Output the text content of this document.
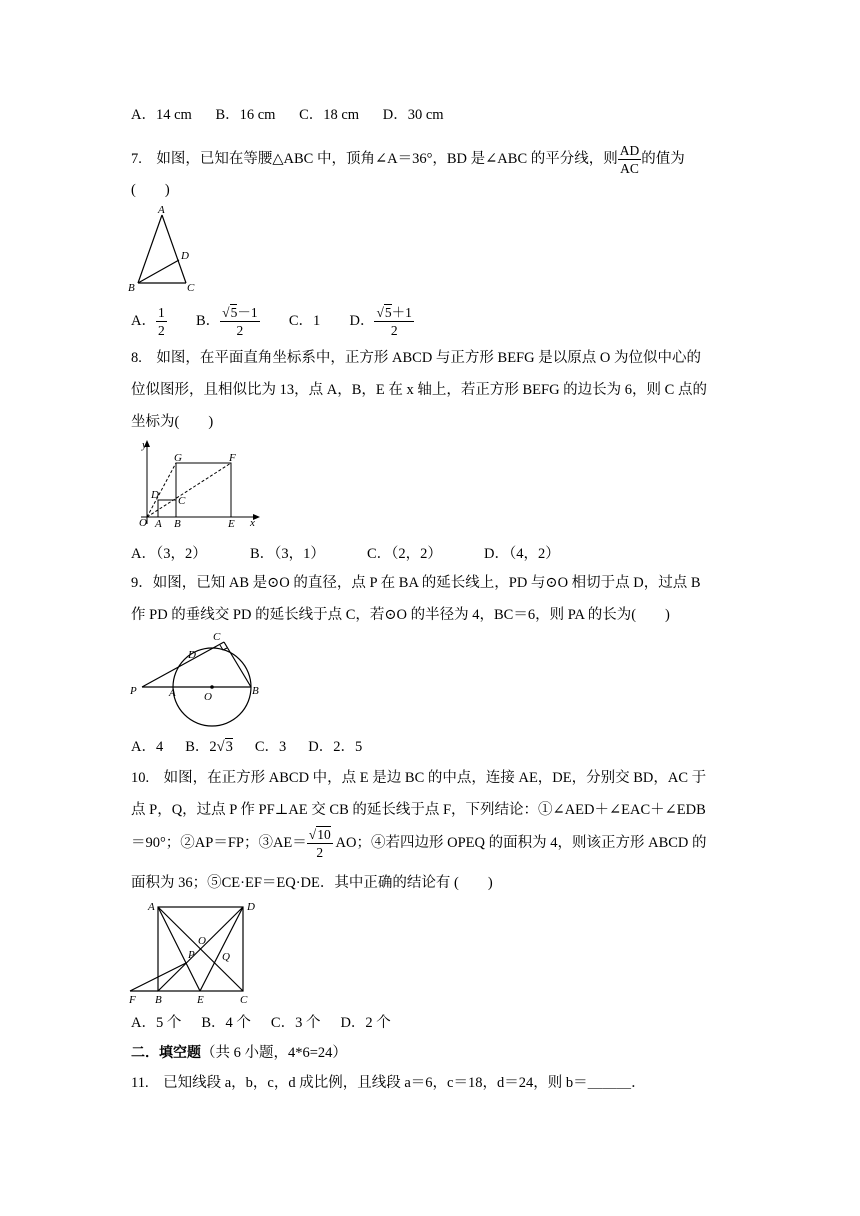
A．14 cm B．16 cm C．18 cm D．30 cm
7.　如图，已知在等腰△ABC 中，顶角∠A＝36°，BD 是∠ABC 的平分线，则 $\frac{AD}{AC}$ 的值为
(　　)
A
D
B	C
A． $\frac{1}{2}$ B． $\frac{√5-1}{2}$ C．1 D． $\frac{√5+1}{2}$
8.　如图，在平面直角坐标系中，正方形 ABCD 与正方形 BEFG 是以原点 O 为位似中心的
位似图形，且相似比为 13，点 A，B，E 在 x 轴上，若正方形 BEFG 的边长为 6，则 C 点的
坐标为(　　)
y
x
O A B	E
D C
G	F
A．（3，2）	B．（3，1）	C．（2，2）	D．（4，2）
9．如图，已知 AB 是⊙O 的直径，点 P 在 BA 的延长线上，PD 与⊙O 相切于点 D，过点 B
作 PD 的垂线交 PD 的延长线于点 C，若⊙O 的半径为 4，BC＝6，则 PA 的长为(　　)
P	A	O	B
C
D
A．4 B．2√3 C．3 D．2．5
10.　如图，在正方形 ABCD 中，点 E 是边 BC 的中点，连接 AE，DE，分别交 BD，AC 于
点 P，Q，过点 P 作 PF⊥AE 交 CB 的延长线于点 F，下列结论：①∠AED＋∠EAC＋∠EDB
＝90°；②AP＝FP；③AE＝ $\frac{√10}{2}$ AO；④若四边形 OPEQ 的面积为 4，则该正方形 ABCD 的
面积为 36；⑤CE·EF＝EQ·DE．其中正确的结论有 (　　)
A	D
O
P Q
F B	E	C
A．5 个 B．4 个 C．3 个 D．2 个
二．填空题（共 6 小题，4*6=24）
11.　已知线段 a，b，c，d 成比例，且线段 a＝6，c＝18，d＝24，则 b＝＿＿＿．
